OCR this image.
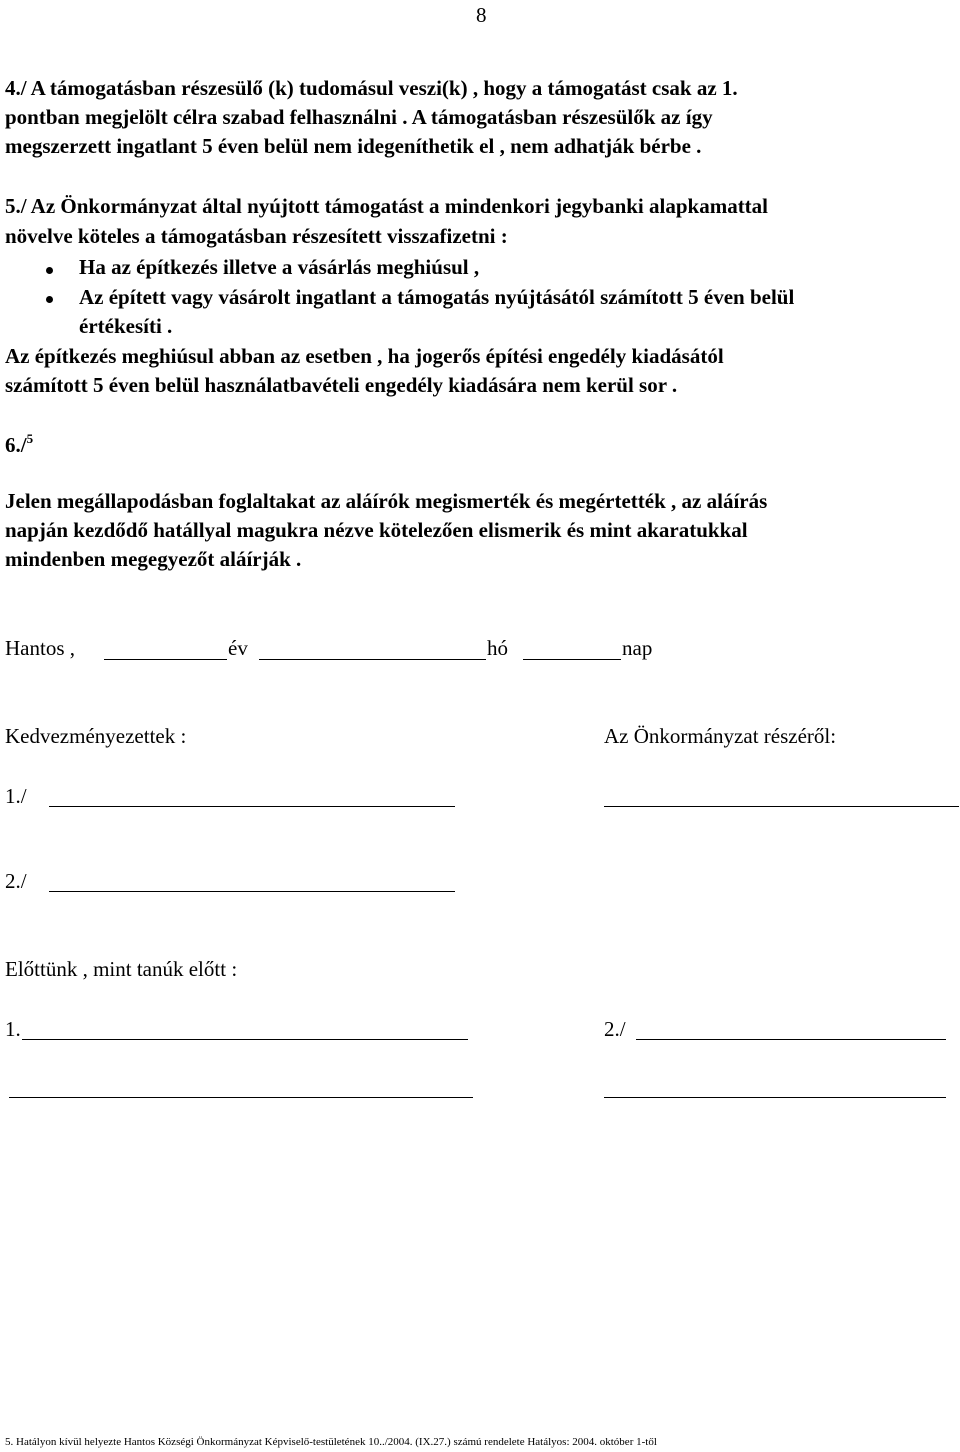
8
4./ A támogatásban részesülő (k) tudomásul veszi(k) , hogy a támogatást csak az 1.
pontban megjelölt célra szabad felhasználni . A támogatásban részesülők az így
megszerzett ingatlant 5 éven belül nem idegeníthetik el , nem adhatják bérbe .
5./ Az Önkormányzat által nyújtott támogatást a mindenkori jegybanki alapkamattal
növelve köteles a támogatásban részesített visszafizetni :
Ha az építkezés illetve a vásárlás meghiúsul ,
Az épített vagy vásárolt ingatlant a támogatás nyújtásától számított 5 éven belül
értékesíti .
Az építkezés meghiúsul abban az esetben , ha jogerős építési engedély kiadásától
számított 5 éven belül használatbavételi engedély kiadására nem kerül sor .
6./$^5$
Jelen megállapodásban foglaltakat az aláírók megismerték és megértették , az aláírás
napján kezdődő hatállyal magukra nézve kötelezően elismerik és mint akaratukkal
mindenben megegyezőt aláírják .
Hantos ,	év	hó	nap
Kedvezményezettek :	Az Önkormányzat részéről:
1./
2./
Előttünk , mint tanúk előtt :
1.	2./
5. Hatályon kívül helyezte Hantos Községi Önkormányzat Képviselő-testületének 10../2004. (IX.27.) számú rendelete Hatályos: 2004. október 1-től
